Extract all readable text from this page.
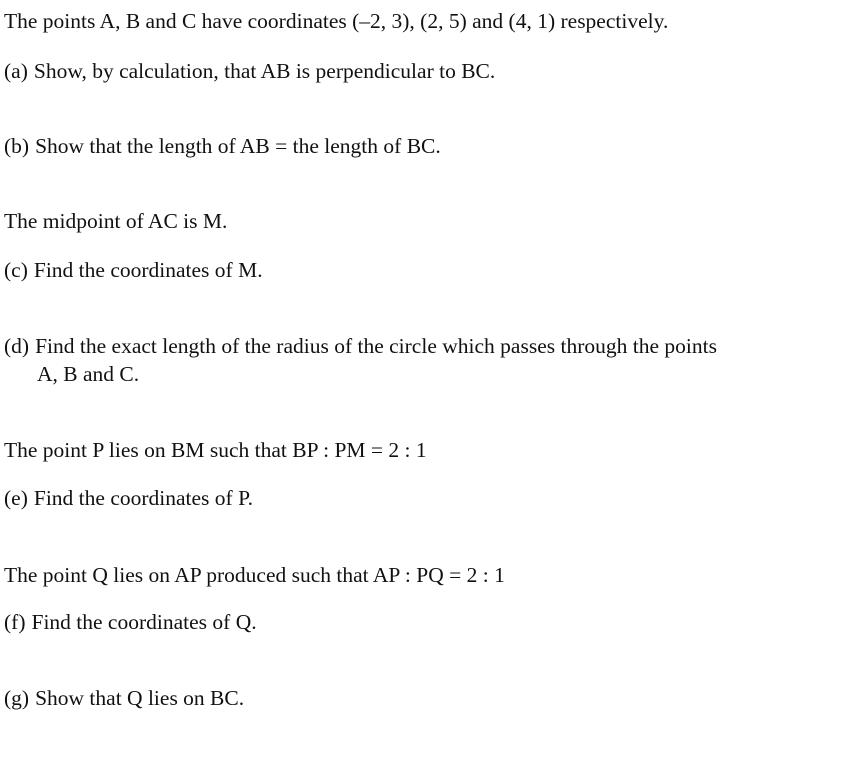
The points A, B and C have coordinates (–2, 3), (2, 5) and (4, 1) respectively.
(a) Show, by calculation, that AB is perpendicular to BC.
(b) Show that the length of AB = the length of BC.
The midpoint of AC is M.
(c) Find the coordinates of M.
(d) Find the exact length of the radius of the circle which passes through the points
A, B and C.
The point P lies on BM such that BP : PM = 2 : 1
(e) Find the coordinates of P.
The point Q lies on AP produced such that AP : PQ = 2 : 1
(f) Find the coordinates of Q.
(g) Show that Q lies on BC.
